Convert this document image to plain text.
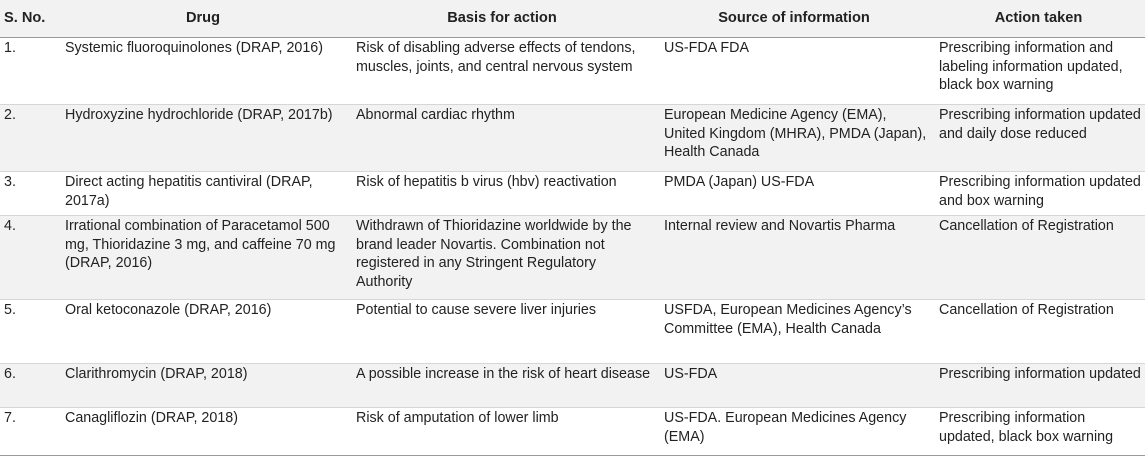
S. No.	Drug	Basis for action	Source of information	Action taken
1.	Systemic fluoroquinolones (DRAP, 2016)	Risk of disabling adverse effects of tendons, muscles, joints, and central nervous system	US-FDA FDA	Prescribing information and labeling information updated, black box warning
2.	Hydroxyzine hydrochloride (DRAP, 2017b)	Abnormal cardiac rhythm	European Medicine Agency (EMA), United Kingdom (MHRA), PMDA (Japan), Health Canada	Prescribing information updated and daily dose reduced
3.	Direct acting hepatitis cantiviral (DRAP, 2017a)	Risk of hepatitis b virus (hbv) reactivation	PMDA (Japan) US-FDA	Prescribing information updated and box warning
4.	Irrational combination of Paracetamol 500 mg, Thioridazine 3 mg, and caffeine 70 mg (DRAP, 2016)	Withdrawn of Thioridazine worldwide by the brand leader Novartis. Combination not registered in any Stringent Regulatory Authority	Internal review and Novartis Pharma	Cancellation of Registration
5.	Oral ketoconazole (DRAP, 2016)	Potential to cause severe liver injuries	USFDA, European Medicines Agency’s Committee (EMA), Health Canada	Cancellation of Registration
6.	Clarithromycin (DRAP, 2018)	A possible increase in the risk of heart disease	US-FDA	Prescribing information updated
7.	Canagliflozin (DRAP, 2018)	Risk of amputation of lower limb	US-FDA. European Medicines Agency (EMA)	Prescribing information updated, black box warning
